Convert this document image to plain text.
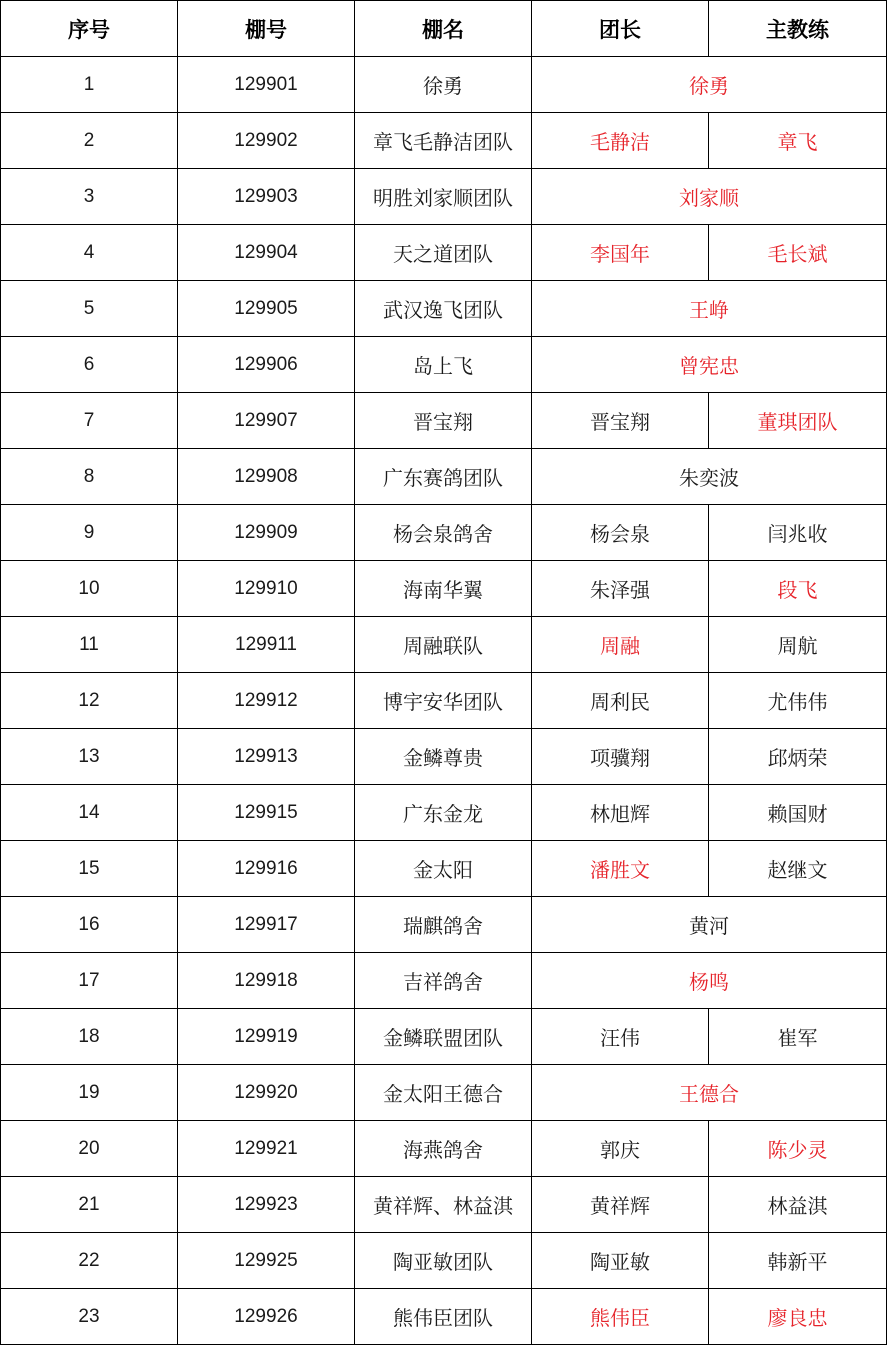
序号	棚号	棚名	团长	主教练
1	129901	徐勇	徐勇	
2	129902	章飞毛静洁团队	毛静洁	章飞
3	129903	明胜刘家顺团队	刘家顺	
4	129904	天之道团队	李国年	毛长斌
5	129905	武汉逸飞团队	王峥	
6	129906	岛上飞	曾宪忠	
7	129907	晋宝翔	晋宝翔	董琪团队
8	129908	广东赛鸽团队	朱奕波	
9	129909	杨会泉鸽舍	杨会泉	闫兆收
10	129910	海南华翼	朱泽强	段飞
11	129911	周融联队	周融	周航
12	129912	博宇安华团队	周利民	尤伟伟
13	129913	金鳞尊贵	项骥翔	邱炳荣
14	129915	广东金龙	林旭辉	赖国财
15	129916	金太阳	潘胜文	赵继文
16	129917	瑞麒鸽舍	黄河	
17	129918	吉祥鸽舍	杨鸣	
18	129919	金鳞联盟团队	汪伟	崔军
19	129920	金太阳王德合	王德合	
20	129921	海燕鸽舍	郭庆	陈少灵
21	129923	黄祥辉、林益淇	黄祥辉	林益淇
22	129925	陶亚敏团队	陶亚敏	韩新平
23	129926	熊伟臣团队	熊伟臣	廖良忠
